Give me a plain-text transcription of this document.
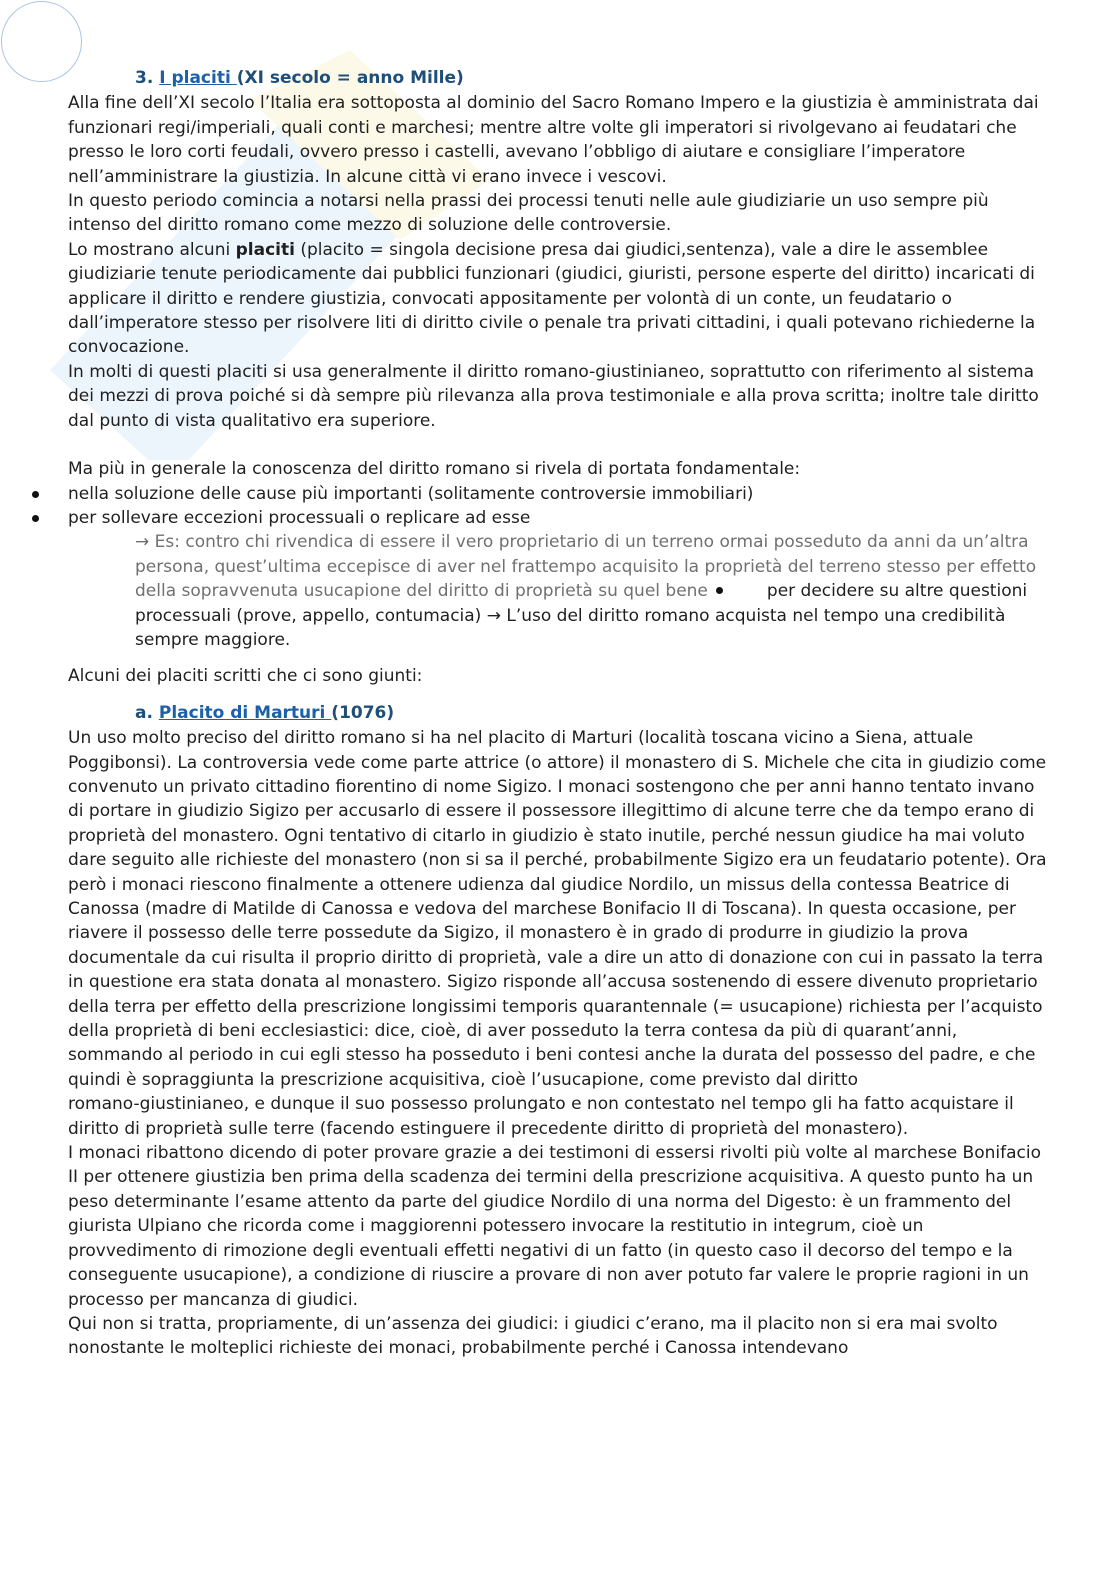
3. I placiti (XI secolo = anno Mille)

Alla fine dell’XI secolo l’Italia era sottoposta al dominio del Sacro Romano Impero e la giustizia è amministrata dai funzionari regi/imperiali, quali conti e marchesi; mentre altre volte gli imperatori si rivolgevano ai feudatari che presso le loro corti feudali, ovvero presso i castelli, avevano l’obbligo di aiutare e consigliare l’imperatore nell’amministrare la giustizia. In alcune città vi erano invece i vescovi.

In questo periodo comincia a notarsi nella prassi dei processi tenuti nelle aule giudiziarie un uso sempre più intenso del diritto romano come mezzo di soluzione delle controversie.

Lo mostrano alcuni placiti (placito = singola decisione presa dai giudici,sentenza), vale a dire le assemblee giudiziarie tenute periodicamente dai pubblici funzionari (giudici, giuristi, persone esperte del diritto) incaricati di applicare il diritto e rendere giustizia, convocati appositamente per volontà di un conte, un feudatario o dall’imperatore stesso per risolvere liti di diritto civile o penale tra privati cittadini, i quali potevano richiederne la convocazione.

In molti di questi placiti si usa generalmente il diritto romano-giustinianeo, soprattutto con riferimento al sistema dei mezzi di prova poiché si dà sempre più rilevanza alla prova testimoniale e alla prova scritta; inoltre tale diritto dal punto di vista qualitativo era superiore.

Ma più in generale la conoscenza del diritto romano si rivela di portata fondamentale:

nella soluzione delle cause più importanti (solitamente controversie immobiliari)
per sollevare eccezioni processuali o replicare ad esse

→ Es: contro chi rivendica di essere il vero proprietario di un terreno ormai posseduto da anni da un’altra persona, quest’ultima eccepisce di aver nel frattempo acquisito la proprietà del terreno stesso per effetto della sopravvenuta usucapione del diritto di proprietà su quel bene	per decidere su altre questioni processuali (prove, appello, contumacia) → L’uso del diritto romano acquista nel tempo una credibilità sempre maggiore.

Alcuni dei placiti scritti che ci sono giunti:

a. Placito di Marturi (1076)

Un uso molto preciso del diritto romano si ha nel placito di Marturi (località toscana vicino a Siena, attuale Poggibonsi). La controversia vede come parte attrice (o attore) il monastero di S. Michele che cita in giudizio come convenuto un privato cittadino fiorentino di nome Sigizo. I monaci sostengono che per anni hanno tentato invano di portare in giudizio Sigizo per accusarlo di essere il possessore illegittimo di alcune terre che da tempo erano di proprietà del monastero. Ogni tentativo di citarlo in giudizio è stato inutile, perché nessun giudice ha mai voluto dare seguito alle richieste del monastero (non si sa il perché, probabilmente Sigizo era un feudatario potente). Ora però i monaci riescono finalmente a ottenere udienza dal giudice Nordilo, un missus della contessa Beatrice di Canossa (madre di Matilde di Canossa e vedova del marchese Bonifacio II di Toscana). In questa occasione, per riavere il possesso delle terre possedute da Sigizo, il monastero è in grado di produrre in giudizio la prova documentale da cui risulta il proprio diritto di proprietà, vale a dire un atto di donazione con cui in passato la terra in questione era stata donata al monastero. Sigizo risponde all’accusa sostenendo di essere divenuto proprietario della terra per effetto della prescrizione longissimi temporis quarantennale (= usucapione) richiesta per l’acquisto della proprietà di beni ecclesiastici: dice, cioè, di aver posseduto la terra contesa da più di quarant’anni, sommando al periodo in cui egli stesso ha posseduto i beni contesi anche la durata del possesso del padre, e che quindi è sopraggiunta la prescrizione acquisitiva, cioè l’usucapione, come previsto dal diritto

romano-giustinianeo, e dunque il suo possesso prolungato e non contestato nel tempo gli ha fatto acquistare il diritto di proprietà sulle terre (facendo estinguere il precedente diritto di proprietà del monastero).

I monaci ribattono dicendo di poter provare grazie a dei testimoni di essersi rivolti più volte al marchese Bonifacio II per ottenere giustizia ben prima della scadenza dei termini della prescrizione acquisitiva. A questo punto ha un peso determinante l’esame attento da parte del giudice Nordilo di una norma del Digesto: è un frammento del giurista Ulpiano che ricorda come i maggiorenni potessero invocare la restitutio in integrum, cioè un provvedimento di rimozione degli eventuali effetti negativi di un fatto (in questo caso il decorso del tempo e la conseguente usucapione), a condizione di riuscire a provare di non aver potuto far valere le proprie ragioni in un processo per mancanza di giudici.

Qui non si tratta, propriamente, di un’assenza dei giudici: i giudici c’erano, ma il placito non si era mai svolto nonostante le molteplici richieste dei monaci, probabilmente perché i Canossa intendevano
